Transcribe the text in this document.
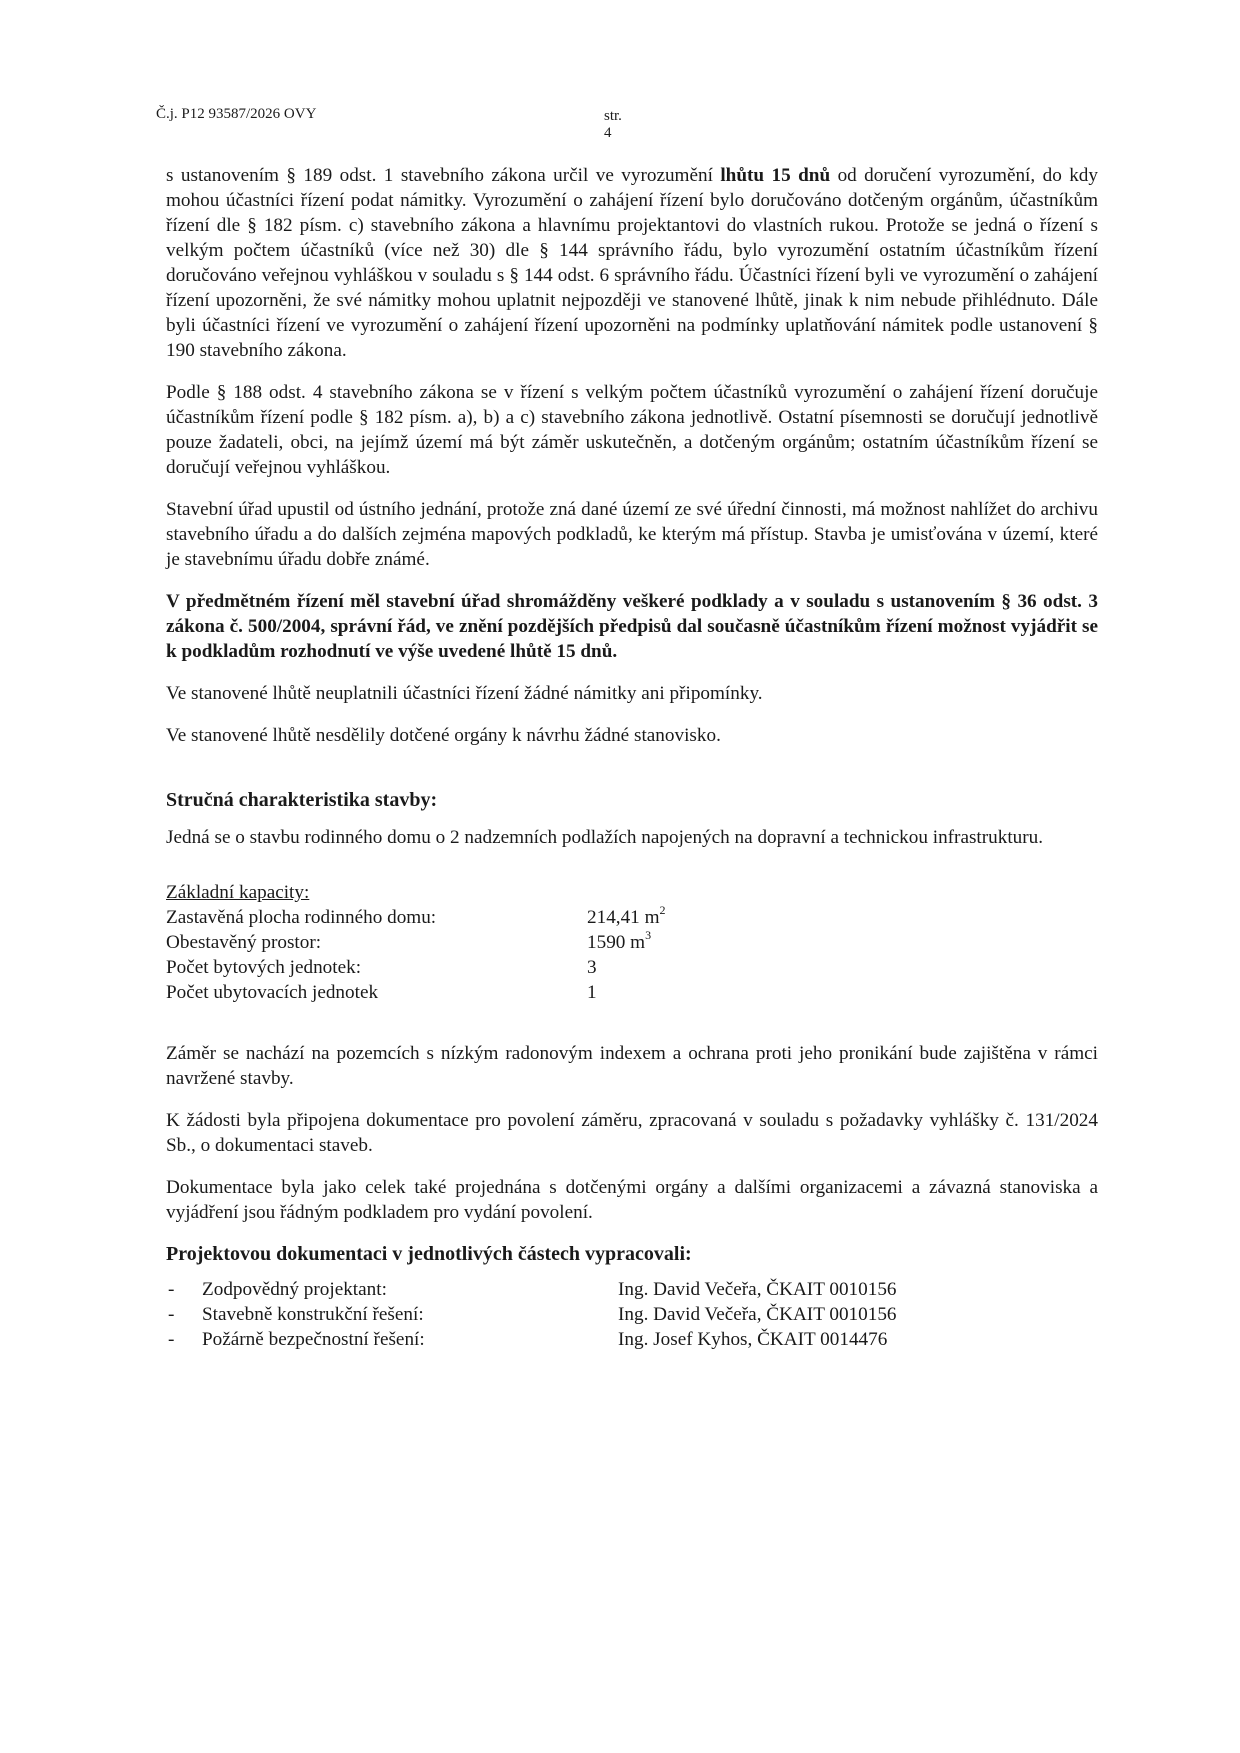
Č.j. P12 93587/2026 OVY	str. 4

s ustanovením § 189 odst. 1 stavebního zákona určil ve vyrozumění lhůtu 15 dnů od doručení vyrozumění, do kdy mohou účastníci řízení podat námitky. Vyrozumění o zahájení řízení bylo doručováno dotčeným orgánům, účastníkům řízení dle § 182 písm. c) stavebního zákona a hlavnímu projektantovi do vlastních rukou. Protože se jedná o řízení s velkým počtem účastníků (více než 30) dle § 144 správního řádu, bylo vyrozumění ostatním účastníkům řízení doručováno veřejnou vyhláškou v souladu s § 144 odst. 6 správního řádu. Účastníci řízení byli ve vyrozumění o zahájení řízení upozorněni, že své námitky mohou uplatnit nejpozději ve stanovené lhůtě, jinak k nim nebude přihlédnuto. Dále byli účastníci řízení ve vyrozumění o zahájení řízení upozorněni na podmínky uplatňování námitek podle ustanovení § 190 stavebního zákona.

Podle § 188 odst. 4 stavebního zákona se v řízení s velkým počtem účastníků vyrozumění o zahájení řízení doručuje účastníkům řízení podle § 182 písm. a), b) a c) stavebního zákona jednotlivě. Ostatní písemnosti se doručují jednotlivě pouze žadateli, obci, na jejímž území má být záměr uskutečněn, a dotčeným orgánům; ostatním účastníkům řízení se doručují veřejnou vyhláškou.

Stavební úřad upustil od ústního jednání, protože zná dané území ze své úřední činnosti, má možnost nahlížet do archivu stavebního úřadu a do dalších zejména mapových podkladů, ke kterým má přístup. Stavba je umisťována v území, které je stavebnímu úřadu dobře známé.

V předmětném řízení měl stavební úřad shromážděny veškeré podklady a v souladu s ustanovením § 36 odst. 3 zákona č. 500/2004, správní řád, ve znění pozdějších předpisů dal současně účastníkům řízení možnost vyjádřit se k podkladům rozhodnutí ve výše uvedené lhůtě 15 dnů.

Ve stanovené lhůtě neuplatnili účastníci řízení žádné námitky ani připomínky.

Ve stanovené lhůtě nesdělily dotčené orgány k návrhu žádné stanovisko.

Stručná charakteristika stavby:

Jedná se o stavbu rodinného domu o 2 nadzemních podlažích napojených na dopravní a technickou infrastrukturu.

Základní kapacity:
Zastavěná plocha rodinného domu:	214,41 $m^2$
Obestavěný prostor:	1590 $m^3$
Počet bytových jednotek:	3
Počet ubytovacích jednotek	1

Záměr se nachází na pozemcích s nízkým radonovým indexem a ochrana proti jeho pronikání bude zajištěna v rámci navržené stavby.

K žádosti byla připojena dokumentace pro povolení záměru, zpracovaná v souladu s požadavky vyhlášky č. 131/2024 Sb., o dokumentaci staveb.

Dokumentace byla jako celek také projednána s dotčenými orgány a dalšími organizacemi a závazná stanoviska a vyjádření jsou řádným podkladem pro vydání povolení.

Projektovou dokumentaci v jednotlivých částech vypracovali:
-	Zodpovědný projektant:	Ing. David Večeřa, ČKAIT 0010156
-	Stavebně konstrukční řešení:	Ing. David Večeřa, ČKAIT 0010156
-	Požárně bezpečnostní řešení:	Ing. Josef Kyhos, ČKAIT 0014476
